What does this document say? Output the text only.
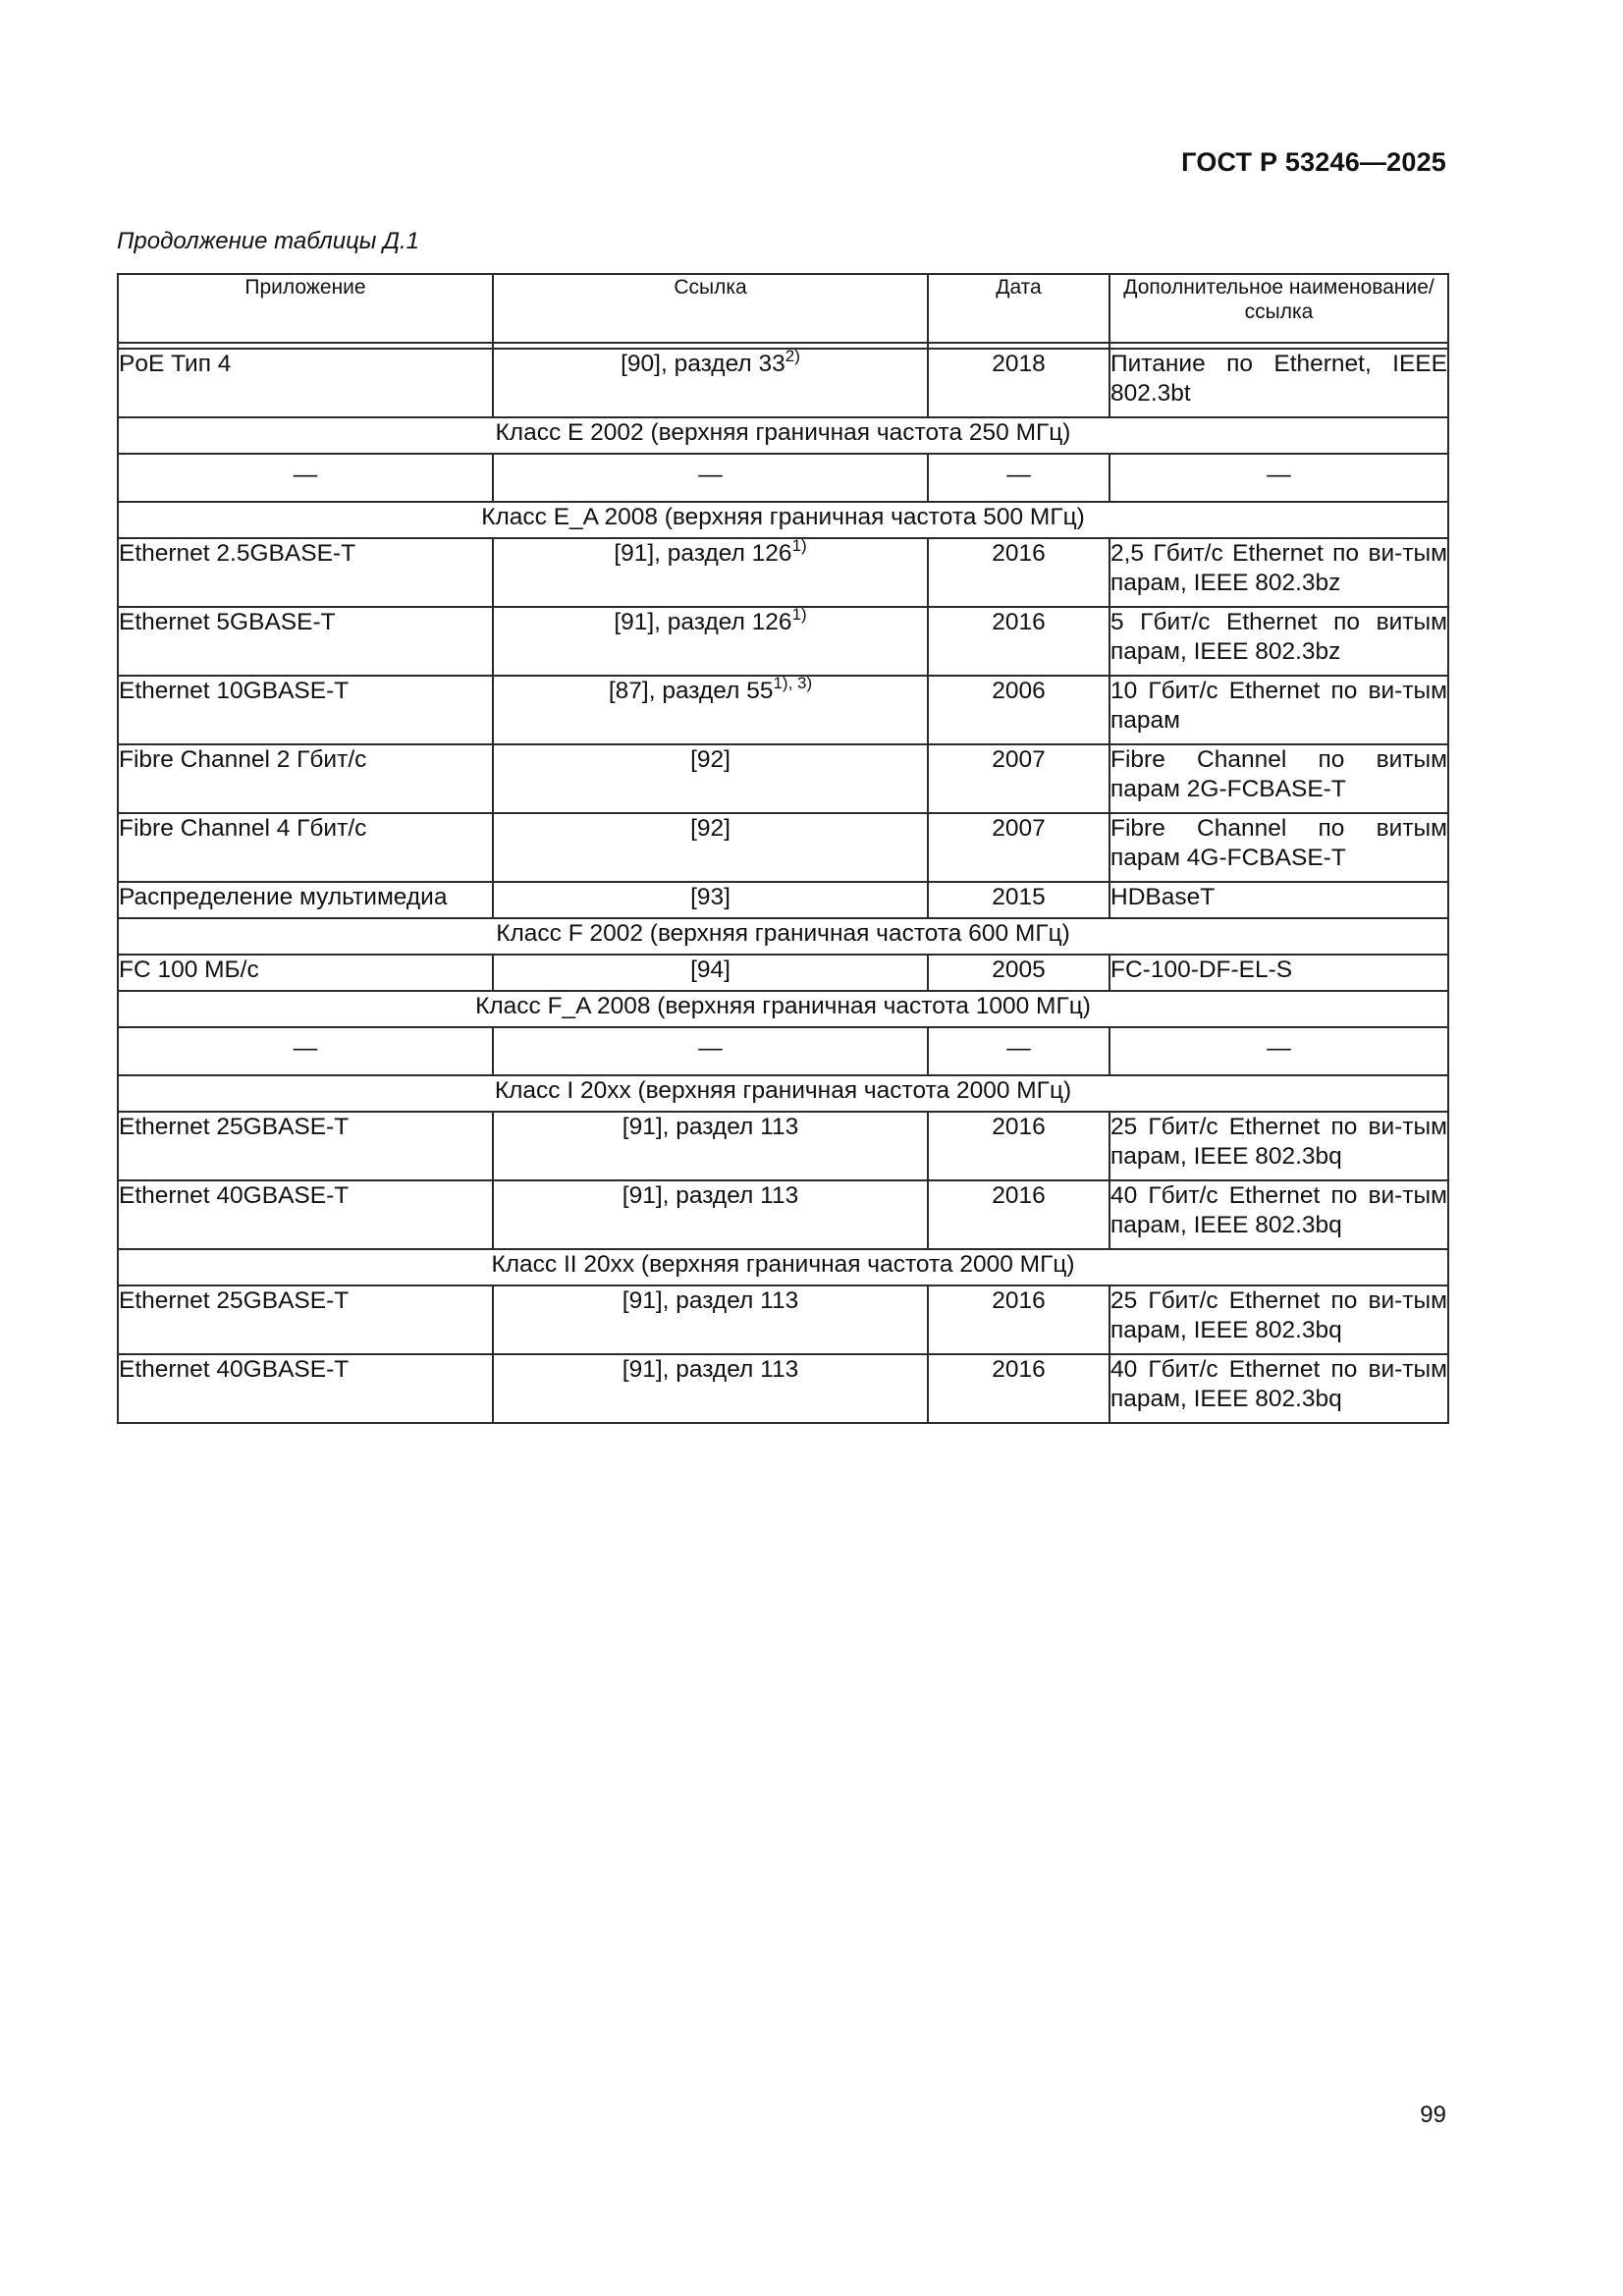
ГОСТ Р 53246—2025
Продолжение таблицы Д.1
Приложение	Ссылка	Дата	Дополнительное наименование/ссылка

PoE Тип 4	[90], раздел 33$^{2)}$	2018	Питание по Ethernet, IEEE 802.3bt
Класс E 2002 (верхняя граничная частота 250 МГц)			
—	—	—	—
Класс E_A 2008 (верхняя граничная частота 500 МГц)			
Ethernet 2.5GBASE-T	[91], раздел 126$^{1)}$	2016	2,5 Гбит/с Ethernet по ви-тым парам, IEEE 802.3bz
Ethernet 5GBASE-T	[91], раздел 126$^{1)}$	2016	5 Гбит/с Ethernet по витым парам, IEEE 802.3bz
Ethernet 10GBASE-T	[87], раздел $55^{1), 3)}$	2006	10 Гбит/с Ethernet по ви-тым парам
Fibre Channel 2 Гбит/с	[92]	2007	Fibre Channel по витым парам 2G-FCBASE-T
Fibre Channel 4 Гбит/с	[92]	2007	Fibre Channel по витым парам 4G-FCBASE-T
Распределение мультимедиа	[93]	2015	HDBaseT
Класс F 2002 (верхняя граничная частота 600 МГц)			
FC 100 МБ/с	[94]	2005	FC-100-DF-EL-S
Класс F_A 2008 (верхняя граничная частота 1000 МГц)			
—	—	—	—
Класс I 20xx (верхняя граничная частота 2000 МГц)			
Ethernet 25GBASE-T	[91], раздел 113	2016	25 Гбит/с Ethernet по ви-тым парам, IEEE 802.3bq
Ethernet 40GBASE-T	[91], раздел 113	2016	40 Гбит/с Ethernet по ви-тым парам, IEEE 802.3bq
Класс II 20xx (верхняя граничная частота 2000 МГц)			
Ethernet 25GBASE-T	[91], раздел 113	2016	25 Гбит/с Ethernet по ви-тым парам, IEEE 802.3bq
Ethernet 40GBASE-T	[91], раздел 113	2016	40 Гбит/с Ethernet по ви-тым парам, IEEE 802.3bq
99
